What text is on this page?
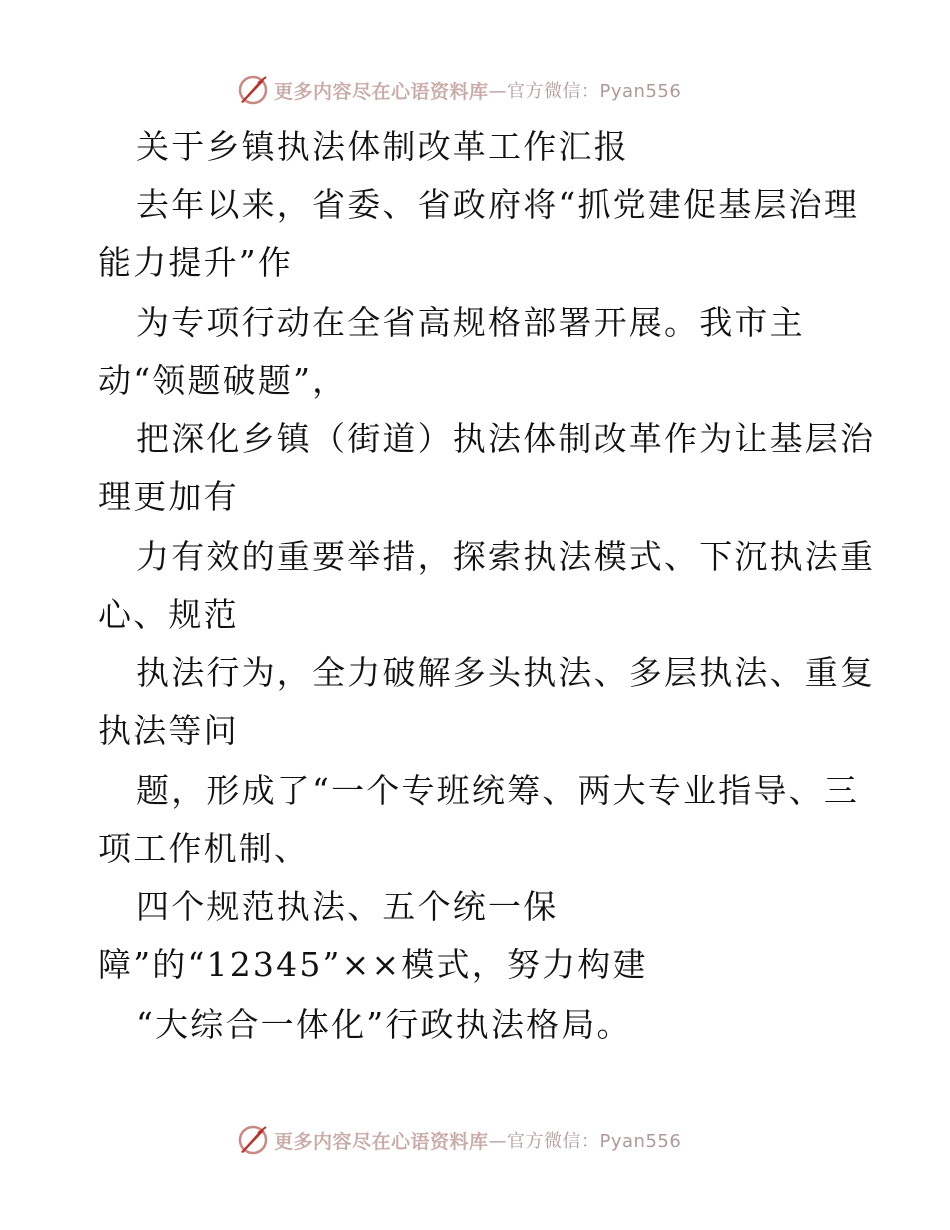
更多内容尽在心语资料库 —官方微信：Pyan556
关于乡镇执法体制改革工作汇报
去年以来，省委、省政府将“抓党建促基层治理
能力提升”作
为专项行动在全省高规格部署开展。我市主
动“领题破题”，
把深化乡镇（街道）执法体制改革作为让基层治
理更加有
力有效的重要举措，探索执法模式、下沉执法重
心、规范
执法行为，全力破解多头执法、多层执法、重复
执法等问
题，形成了“一个专班统筹、两大专业指导、三
项工作机制、
四个规范执法、五个统一保
障”的“12345”××模式，努力构建
“大综合一体化”行政执法格局。
更多内容尽在心语资料库 —官方微信：Pyan556
